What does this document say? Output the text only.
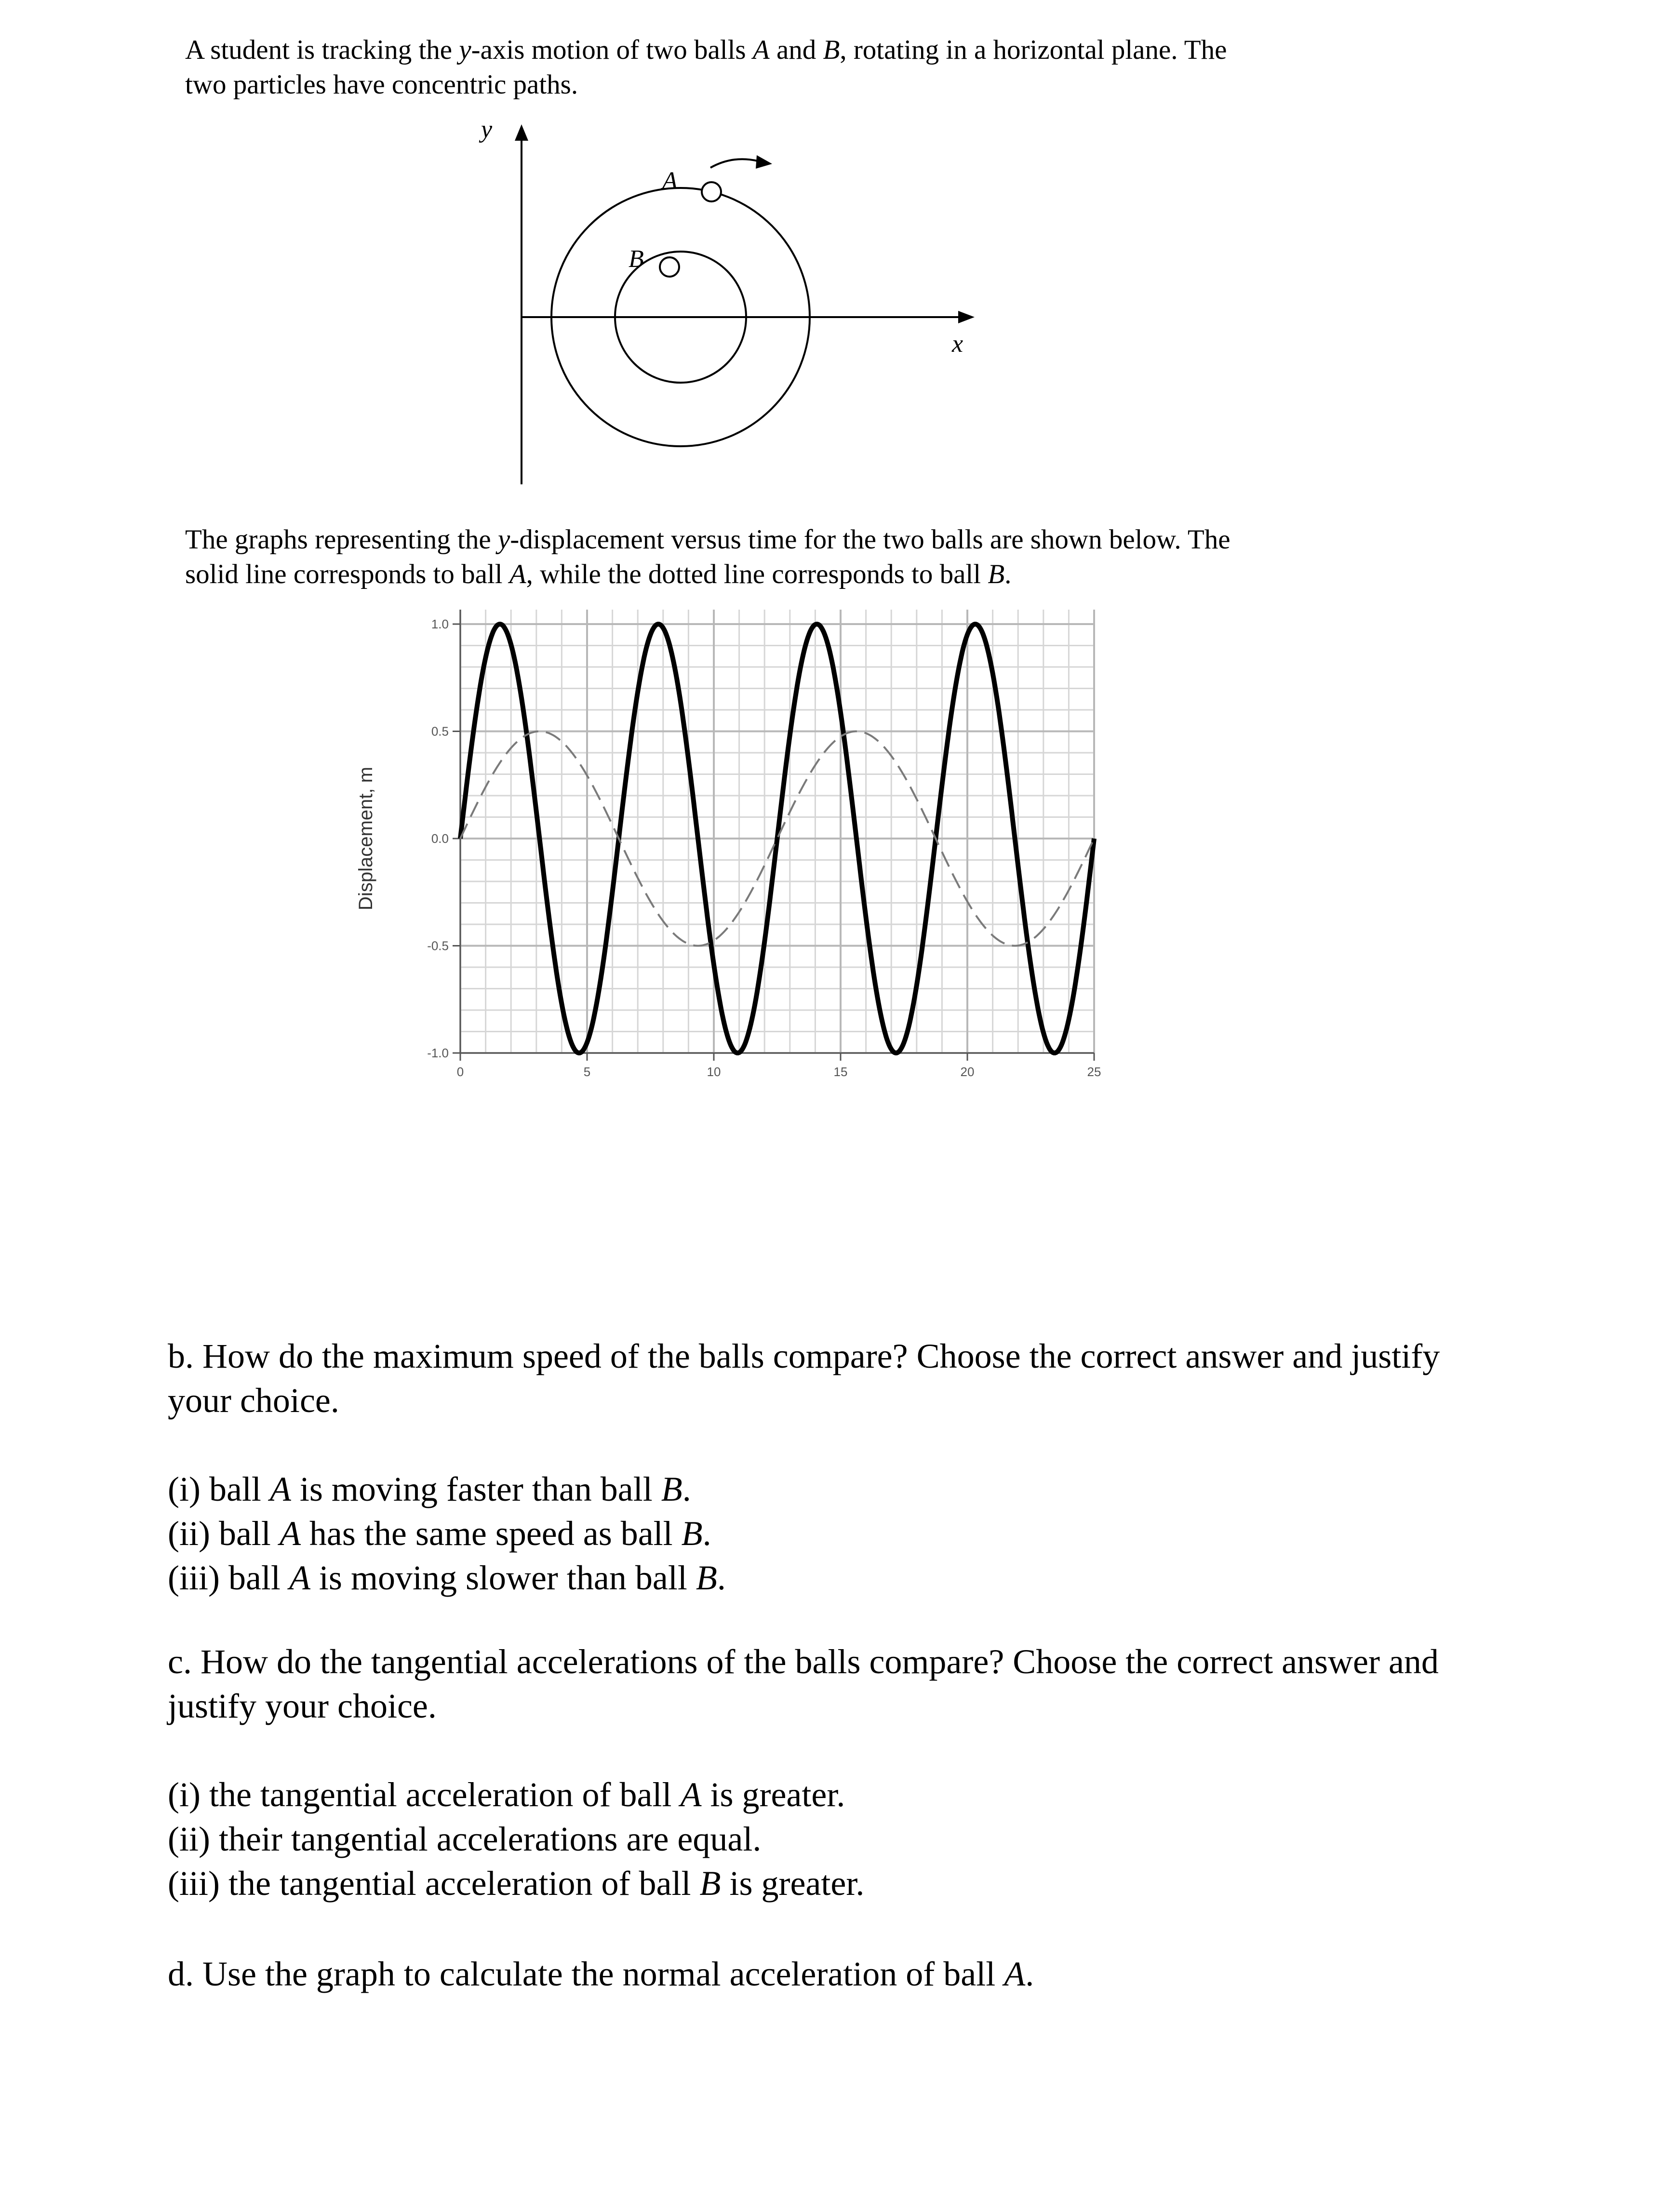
A student is tracking the y-axis motion of two balls A and B, rotating in a horizontal plane. The

two particles have concentric paths.

y
x
A
B

The graphs representing the y-displacement versus time for the two balls are shown below. The

solid line corresponds to ball A, while the dotted line corresponds to ball B.

1.0
0.5
0.0
-0.5
-1.0
0	5	10	15	20	25
Displacement, m

b. How do the maximum speed of the balls compare? Choose the correct answer and justify

your choice.

(i) ball A is moving faster than ball B.
(ii) ball A has the same speed as ball B.
(iii) ball A is moving slower than ball B.

c. How do the tangential accelerations of the balls compare? Choose the correct answer and

justify your choice.

(i) the tangential acceleration of ball A is greater.
(ii) their tangential accelerations are equal.
(iii) the tangential acceleration of ball B is greater.

d. Use the graph to calculate the normal acceleration of ball A.
